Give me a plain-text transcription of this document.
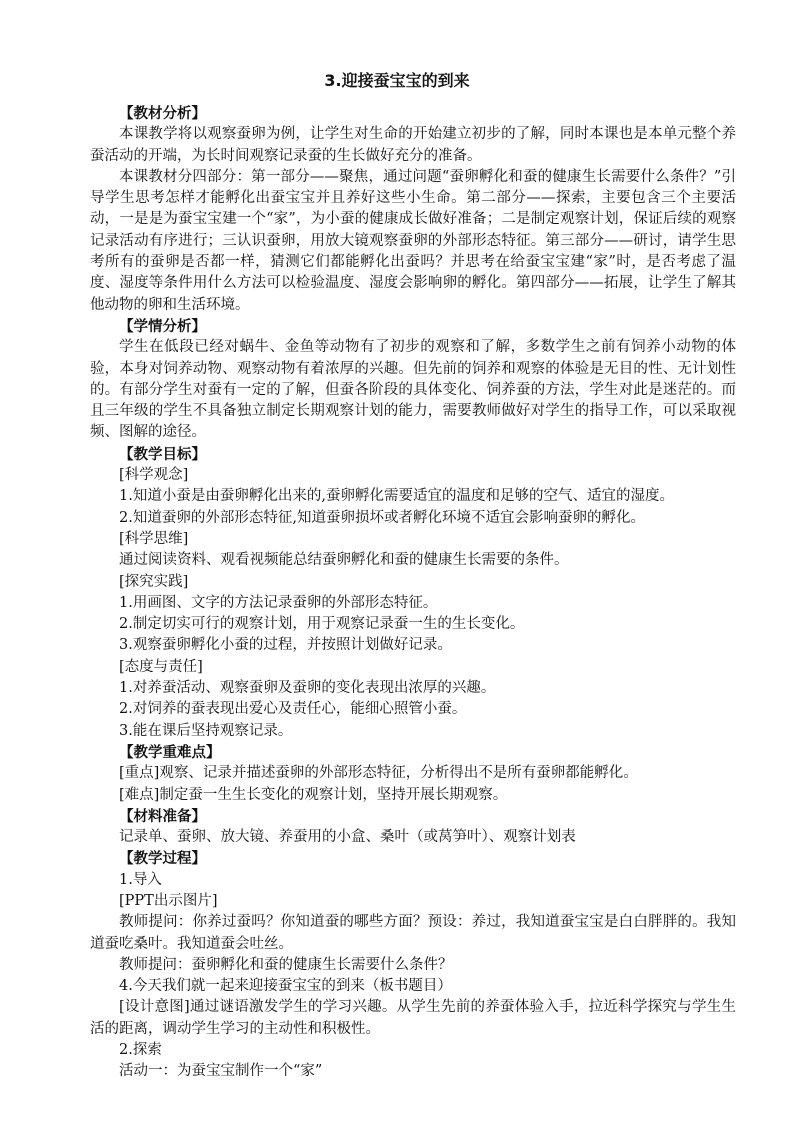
3.迎接蚕宝宝的到来

【教材分析】

本课教学将以观察蚕卵为例，让学生对生命的开始建立初步的了解，同时本课也是本单元整个养蚕活动的开端，为长时间观察记录蚕的生长做好充分的准备。

本课教材分四部分：第一部分——聚焦，通过问题“蚕卵孵化和蚕的健康生长需要什么条件？”引导学生思考怎样才能孵化出蚕宝宝并且养好这些小生命。第二部分——探索，主要包含三个主要活动，一是是为蚕宝宝建一个“家”，为小蚕的健康成长做好准备；二是制定观察计划，保证后续的观察记录活动有序进行；三认识蚕卵，用放大镜观察蚕卵的外部形态特征。第三部分——研讨，请学生思考所有的蚕卵是否都一样，猜测它们都能孵化出蚕吗？并思考在给蚕宝宝建“家”时，是否考虑了温度、湿度等条件用什么方法可以检验温度、湿度会影响卵的孵化。第四部分——拓展，让学生了解其他动物的卵和生活环境。

【学情分析】

学生在低段已经对蜗牛、金鱼等动物有了初步的观察和了解，多数学生之前有饲养小动物的体验，本身对饲养动物、观察动物有着浓厚的兴趣。但先前的饲养和观察的体验是无目的性、无计划性的。有部分学生对蚕有一定的了解，但蚕各阶段的具体变化、饲养蚕的方法，学生对此是迷茫的。而且三年级的学生不具备独立制定长期观察计划的能力，需要教师做好对学生的指导工作，可以采取视频、图解的途径。

【教学目标】

[科学观念]

1.知道小蚕是由蚕卵孵化出来的,蚕卵孵化需要适宜的温度和足够的空气、适宜的湿度。

2.知道蚕卵的外部形态特征,知道蚕卵损坏或者孵化环境不适宜会影响蚕卵的孵化。

[科学思维]

通过阅读资料、观看视频能总结蚕卵孵化和蚕的健康生长需要的条件。

[探究实践]

1.用画图、文字的方法记录蚕卵的外部形态特征。

2.制定切实可行的观察计划，用于观察记录蚕一生的生长变化。

3.观察蚕卵孵化小蚕的过程，并按照计划做好记录。

[态度与责任]

1.对养蚕活动、观察蚕卵及蚕卵的变化表现出浓厚的兴趣。

2.对饲养的蚕表现出爱心及责任心，能细心照管小蚕。

3.能在课后坚持观察记录。

【教学重难点】

[重点]观察、记录并描述蚕卵的外部形态特征，分析得出不是所有蚕卵都能孵化。

[难点]制定蚕一生生长变化的观察计划，坚持开展长期观察。

【材料准备】

记录单、蚕卵、放大镜、养蚕用的小盒、桑叶（或莴笋叶）、观察计划表

【教学过程】

1.导入

[PPT出示图片]

教师提问：你养过蚕吗？你知道蚕的哪些方面？预设：养过，我知道蚕宝宝是白白胖胖的。我知道蚕吃桑叶。我知道蚕会吐丝。

教师提问：蚕卵孵化和蚕的健康生长需要什么条件？

4.今天我们就一起来迎接蚕宝宝的到来（板书题目）

[设计意图]通过谜语激发学生的学习兴趣。从学生先前的养蚕体验入手，拉近科学探究与学生生活的距离，调动学生学习的主动性和积极性。

2.探索

活动一：为蚕宝宝制作一个“家”
